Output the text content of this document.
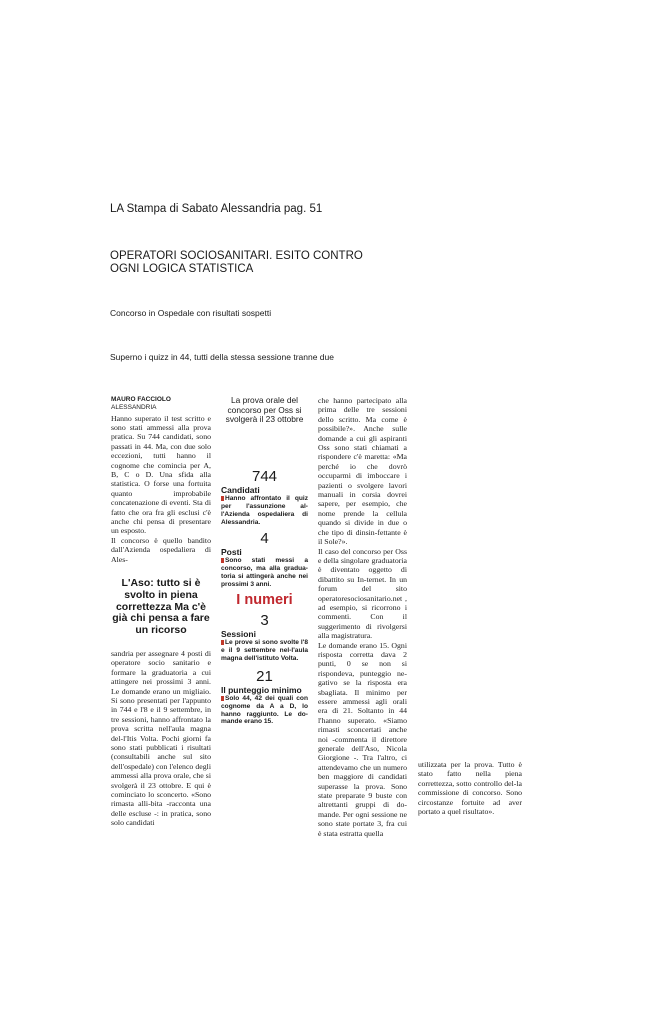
LA Stampa di Sabato Alessandria pag. 51
OPERATORI SOCIOSANITARI. ESITO CONTRO
OGNI LOGICA STATISTICA
Concorso in Ospedale con risultati sospetti
Superno i quizz in 44, tutti della stessa sessione tranne due
MAURO FACCIOLO
ALESSANDRIA

Hanno superato il test scritto e sono stati ammessi alla prova pratica. Su 744 candidati, sono passati in 44. Ma, con due solo eccezioni, tutti hanno il cognome che comincia per A, B, C o D. Una sfida alla statistica. O forse una fortuita quanto improbabile concatenazione di eventi. Sta di fatto che ora fra gli esclusi c'è anche chi pensa di presentare un esposto.

Il concorso è quello bandito dall'Azienda ospedaliera di Ales-

L'Aso: tutto si è svolto in piena correttezza Ma c'è già chi pensa a fare un ricorso

sandria per assegnare 4 posti di operatore socio sanitario e formare la graduatoria a cui attingere nei prossimi 3 anni. Le domande erano un migliaio. Si sono presentati per l'appunto in 744 e l'8 e il 9 settembre, in tre sessioni, hanno affrontato la prova scritta nell'aula magna del-l'Itis Volta. Pochi giorni fa sono stati pubblicati i risultati (consultabili anche sul sito dell'ospedale) con l'elenco degli ammessi alla prova orale, che si svolgerà il 23 ottobre. E qui è cominciato lo sconcerto. «Sono rimasta alli-bita -racconta una delle escluse -: in pratica, sono solo candidati

La prova orale del concorso per Oss si svolgerà il 23 ottobre
744
Candidati
Hanno affrontato il quiz per l'assunzione al-l'Azienda ospedaliera di Alessandria.
4
Posti
Sono stati messi a concorso, ma alla gradua-toria si attingerà anche nei prossimi 3 anni.
I numeri
3
Sessioni
Le prove si sono svolte l'8 e il 9 settembre nel-l'aula magna dell'istituto Volta.
21
Il punteggio minimo
Solo 44, 42 dei quali con cognome da A a D, lo hanno raggiunto. Le do-mande erano 15.

che hanno partecipato alla prima delle tre sessioni dello scritto. Ma come è possibile?». Anche sulle domande a cui gli aspiranti Oss sono stati chiamati a rispondere c'è maretta: «Ma perché io che dovrò occuparmi di imboccare i pazienti o svolgere lavori manuali in corsia dovrei sapere, per esempio, che nome prende la cellula quando si divide in due o che tipo di dinsin-fettante è il Sole?».

Il caso del concorso per Oss e della singolare graduatoria è diventato oggetto di dibattito su In-ternet. In un forum del sito operatoresociosanitario.net , ad esempio, si ricorrono i commenti. Con il suggerimento di rivolgersi alla magistratura.

Le domande erano 15. Ogni risposta corretta dava 2 punti, 0 se non si rispondeva, punteggio ne-gativo se la risposta era sbagliata. Il minimo per essere ammessi agli orali era di 21. Soltanto in 44 l'hanno superato. «Siamo rimasti sconcertati anche noi -commenta il direttore generale dell'Aso, Nicola Giorgione -. Tra l'altro, ci attendevamo che un numero ben maggiore di candidati superasse la prova. Sono state preparate 9 buste con altrettanti gruppi di do-mande. Per ogni sessione ne sono state portate 3, fra cui è stata estratta quella

utilizzata per la prova. Tutto è stato fatto nella piena correttezza, sotto controllo del-la commissione di concorso. Sono circostanze fortuite ad aver portato a quel risultato».
